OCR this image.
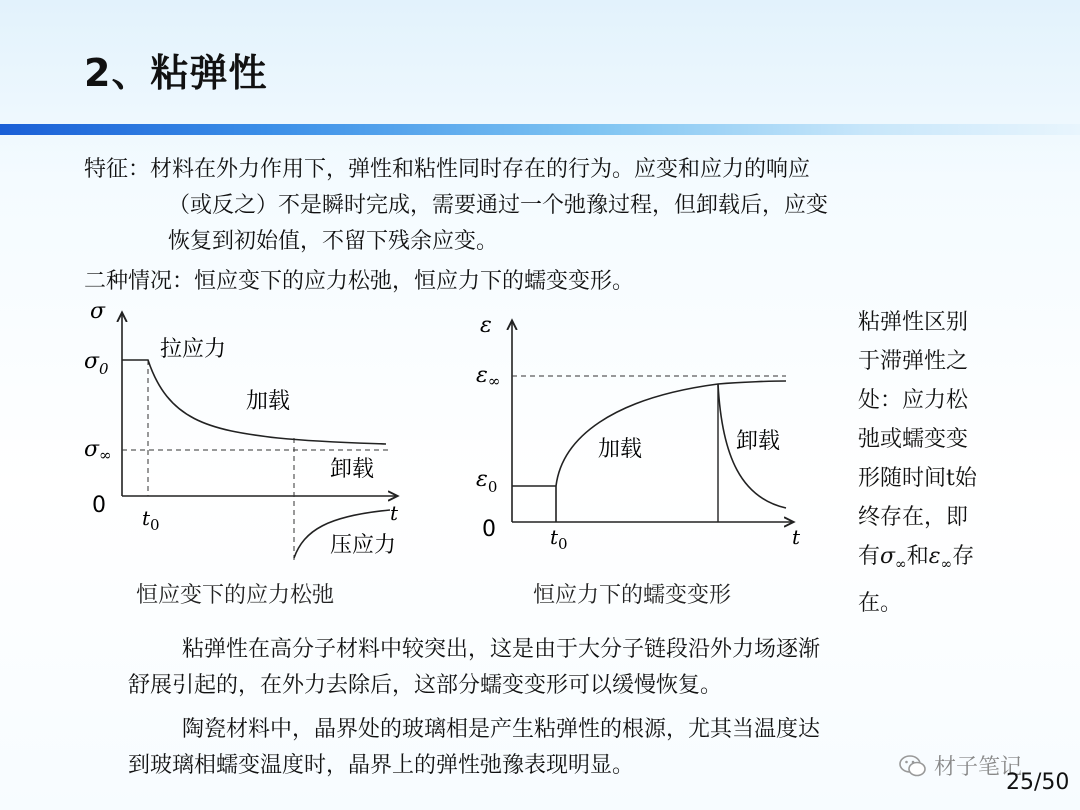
2、粘弹性
特征：材料在外力作用下，弹性和粘性同时存在的行为。应变和应力的响应

（或反之）不是瞬时完成，需要通过一个弛豫过程，但卸载后，应变
恢复到初始值，不留下残余应变。
二种情况：恒应变下的应力松弛，恒应力下的蠕变变形。
σ
$\sigma_0$
σ∞
0 $t_0$	t
拉应力
加载
卸载
压应力
恒应变下的应力松弛
ε
ε∞
$\varepsilon_0$
0	$t_0$	t
加载	卸载
恒应力下的蠕变变形
粘弹性区别
于滞弹性之
处：应力松
弛或蠕变变
形随时间t始
终存在，即
有$\sigma_\infty$和$\varepsilon_\infty$存
在。
粘弹性在高分子材料中较突出，这是由于大分子链段沿外力场逐渐
舒展引起的，在外力去除后，这部分蠕变变形可以缓慢恢复。
陶瓷材料中，晶界处的玻璃相是产生粘弹性的根源，尤其当温度达
到玻璃相蠕变温度时，晶界上的弹性弛豫表现明显。	材子笔记
25/50
